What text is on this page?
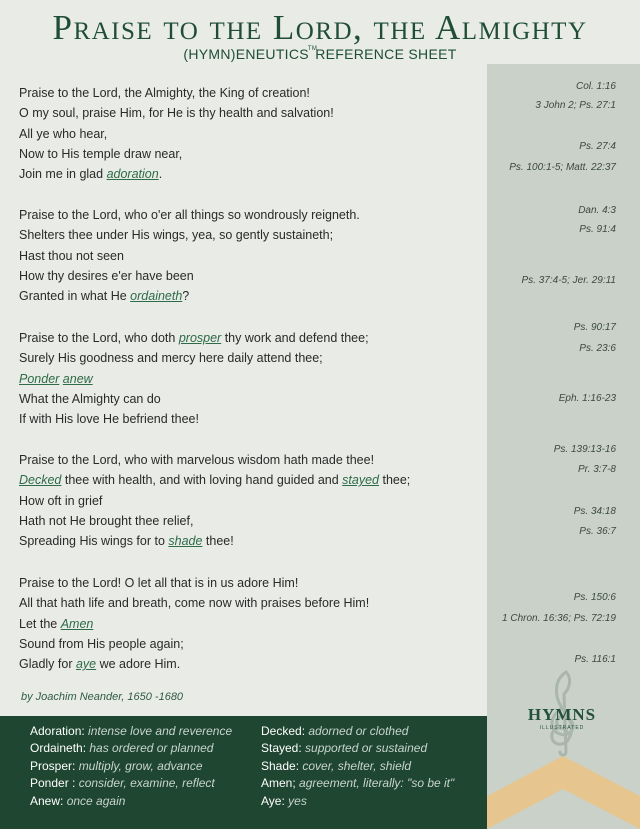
Praise to the Lord, the Almighty
(HYMN)ENEUTICS™REFERENCE SHEET
Praise to the Lord, the Almighty, the King of creation!
O my soul, praise Him, for He is thy health and salvation!
All ye who hear,
Now to His temple draw near,
Join me in glad adoration.
Praise to the Lord, who o'er all things so wondrously reigneth.
Shelters thee under His wings, yea, so gently sustaineth;
Hast thou not seen
How thy desires e'er have been
Granted in what He ordaineth?
Praise to the Lord, who doth prosper thy work and defend thee;
Surely His goodness and mercy here daily attend thee;
Ponder anew
What the Almighty can do
If with His love He befriend thee!
Praise to the Lord, who with marvelous wisdom hath made thee!
Decked thee with health, and with loving hand guided and stayed thee;
How oft in grief
Hath not He brought thee relief,
Spreading His wings for to shade thee!
Praise to the Lord! O let all that is in us adore Him!
All that hath life and breath, come now with praises before Him!
Let the Amen
Sound from His people again;
Gladly for aye we adore Him.
Col. 1:16
3 John 2; Ps. 27:1
Ps. 27:4
Ps. 100:1-5; Matt. 22:37
Dan. 4:3
Ps. 91:4
Ps. 37:4-5; Jer. 29:11
Ps. 90:17
Ps. 23:6
Eph. 1:16-23
Ps. 139:13-16
Pr. 3:7-8
Ps. 34:18
Ps. 36:7
Ps. 150:6
1 Chron. 16:36; Ps. 72:19
Ps. 116:1
by Joachim Neander, 1650 -1680
HYMNS
ILLUSTRATED
Adoration: intense love and reverence
Ordaineth: has ordered or planned
Prosper: multiply, grow, advance
Ponder : consider, examine, reflect
Anew: once again
Decked: adorned or clothed
Stayed: supported or sustained
Shade: cover, shelter, shield
Amen; agreement, literally: "so be it"
Aye: yes
